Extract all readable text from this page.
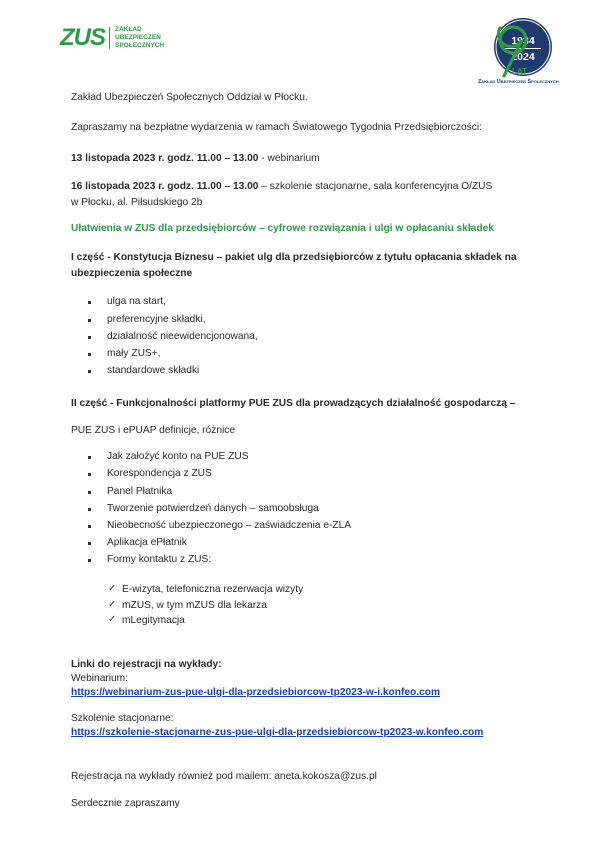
ZUS ZAKŁAD
UBEZPIECZEŃ
SPOŁECZNYCH	1934
2024
LAT
Zakład Ubezpieczeń Społecznych
Zakład Ubezpieczeń Społecznych Oddział w Płocku.
Zapraszamy na bezpłatne wydarzenia w ramach Światowego Tygodnia Przedsiębiorczości:
13 listopada 2023 r. godz. 11.00 – 13.00 - webinarium
16 listopada 2023 r. godz. 11.00 – 13.00 – szkolenie stacjonarne, sala konferencyjna O/ZUS
w Płocku, al. Piłsudskiego 2b
Ułatwienia w ZUS dla przedsiębiorców – cyfrowe rozwiązania i ulgi w opłacaniu składek
I część - Konstytucja Biznesu – pakiet ulg dla przedsiębiorców z tytułu opłacania składek na
ubezpieczenia społeczne
ulga na start,
preferencyjne składki,
działalność nieewidencjonowana,
mały ZUS+,
standardowe składki
II część - Funkcjonalności platformy PUE ZUS dla prowadzących działalność gospodarczą –
PUE ZUS i ePUAP definicje, różnice
Jak założyć konto na PUE ZUS
Korespondencja z ZUS
Panel Płatnika
Tworzenie potwierdzeń danych – samoobsługa
Nieobecność ubezpieczonego – zaświadczenia e-ZLA
Aplikacja ePłatnik
Formy kontaktu z ZUS:
✓ E-wizyta, telefoniczna rezerwacja wizyty
✓ mZUS, w tym mZUS dla lekarza
✓ mLegitymacja
Linki do rejestracji na wykłady:
Webinarium:
https://webinarium-zus-pue-ulgi-dla-przedsiebiorcow-tp2023-w-i.konfeo.com
Szkolenie stacjonarne:
https://szkolenie-stacjonarne-zus-pue-ulgi-dla-przedsiebiorcow-tp2023-w.konfeo.com
Rejestracja na wykłady również pod mailem: aneta.kokosza@zus.pl
Serdecznie zapraszamy
